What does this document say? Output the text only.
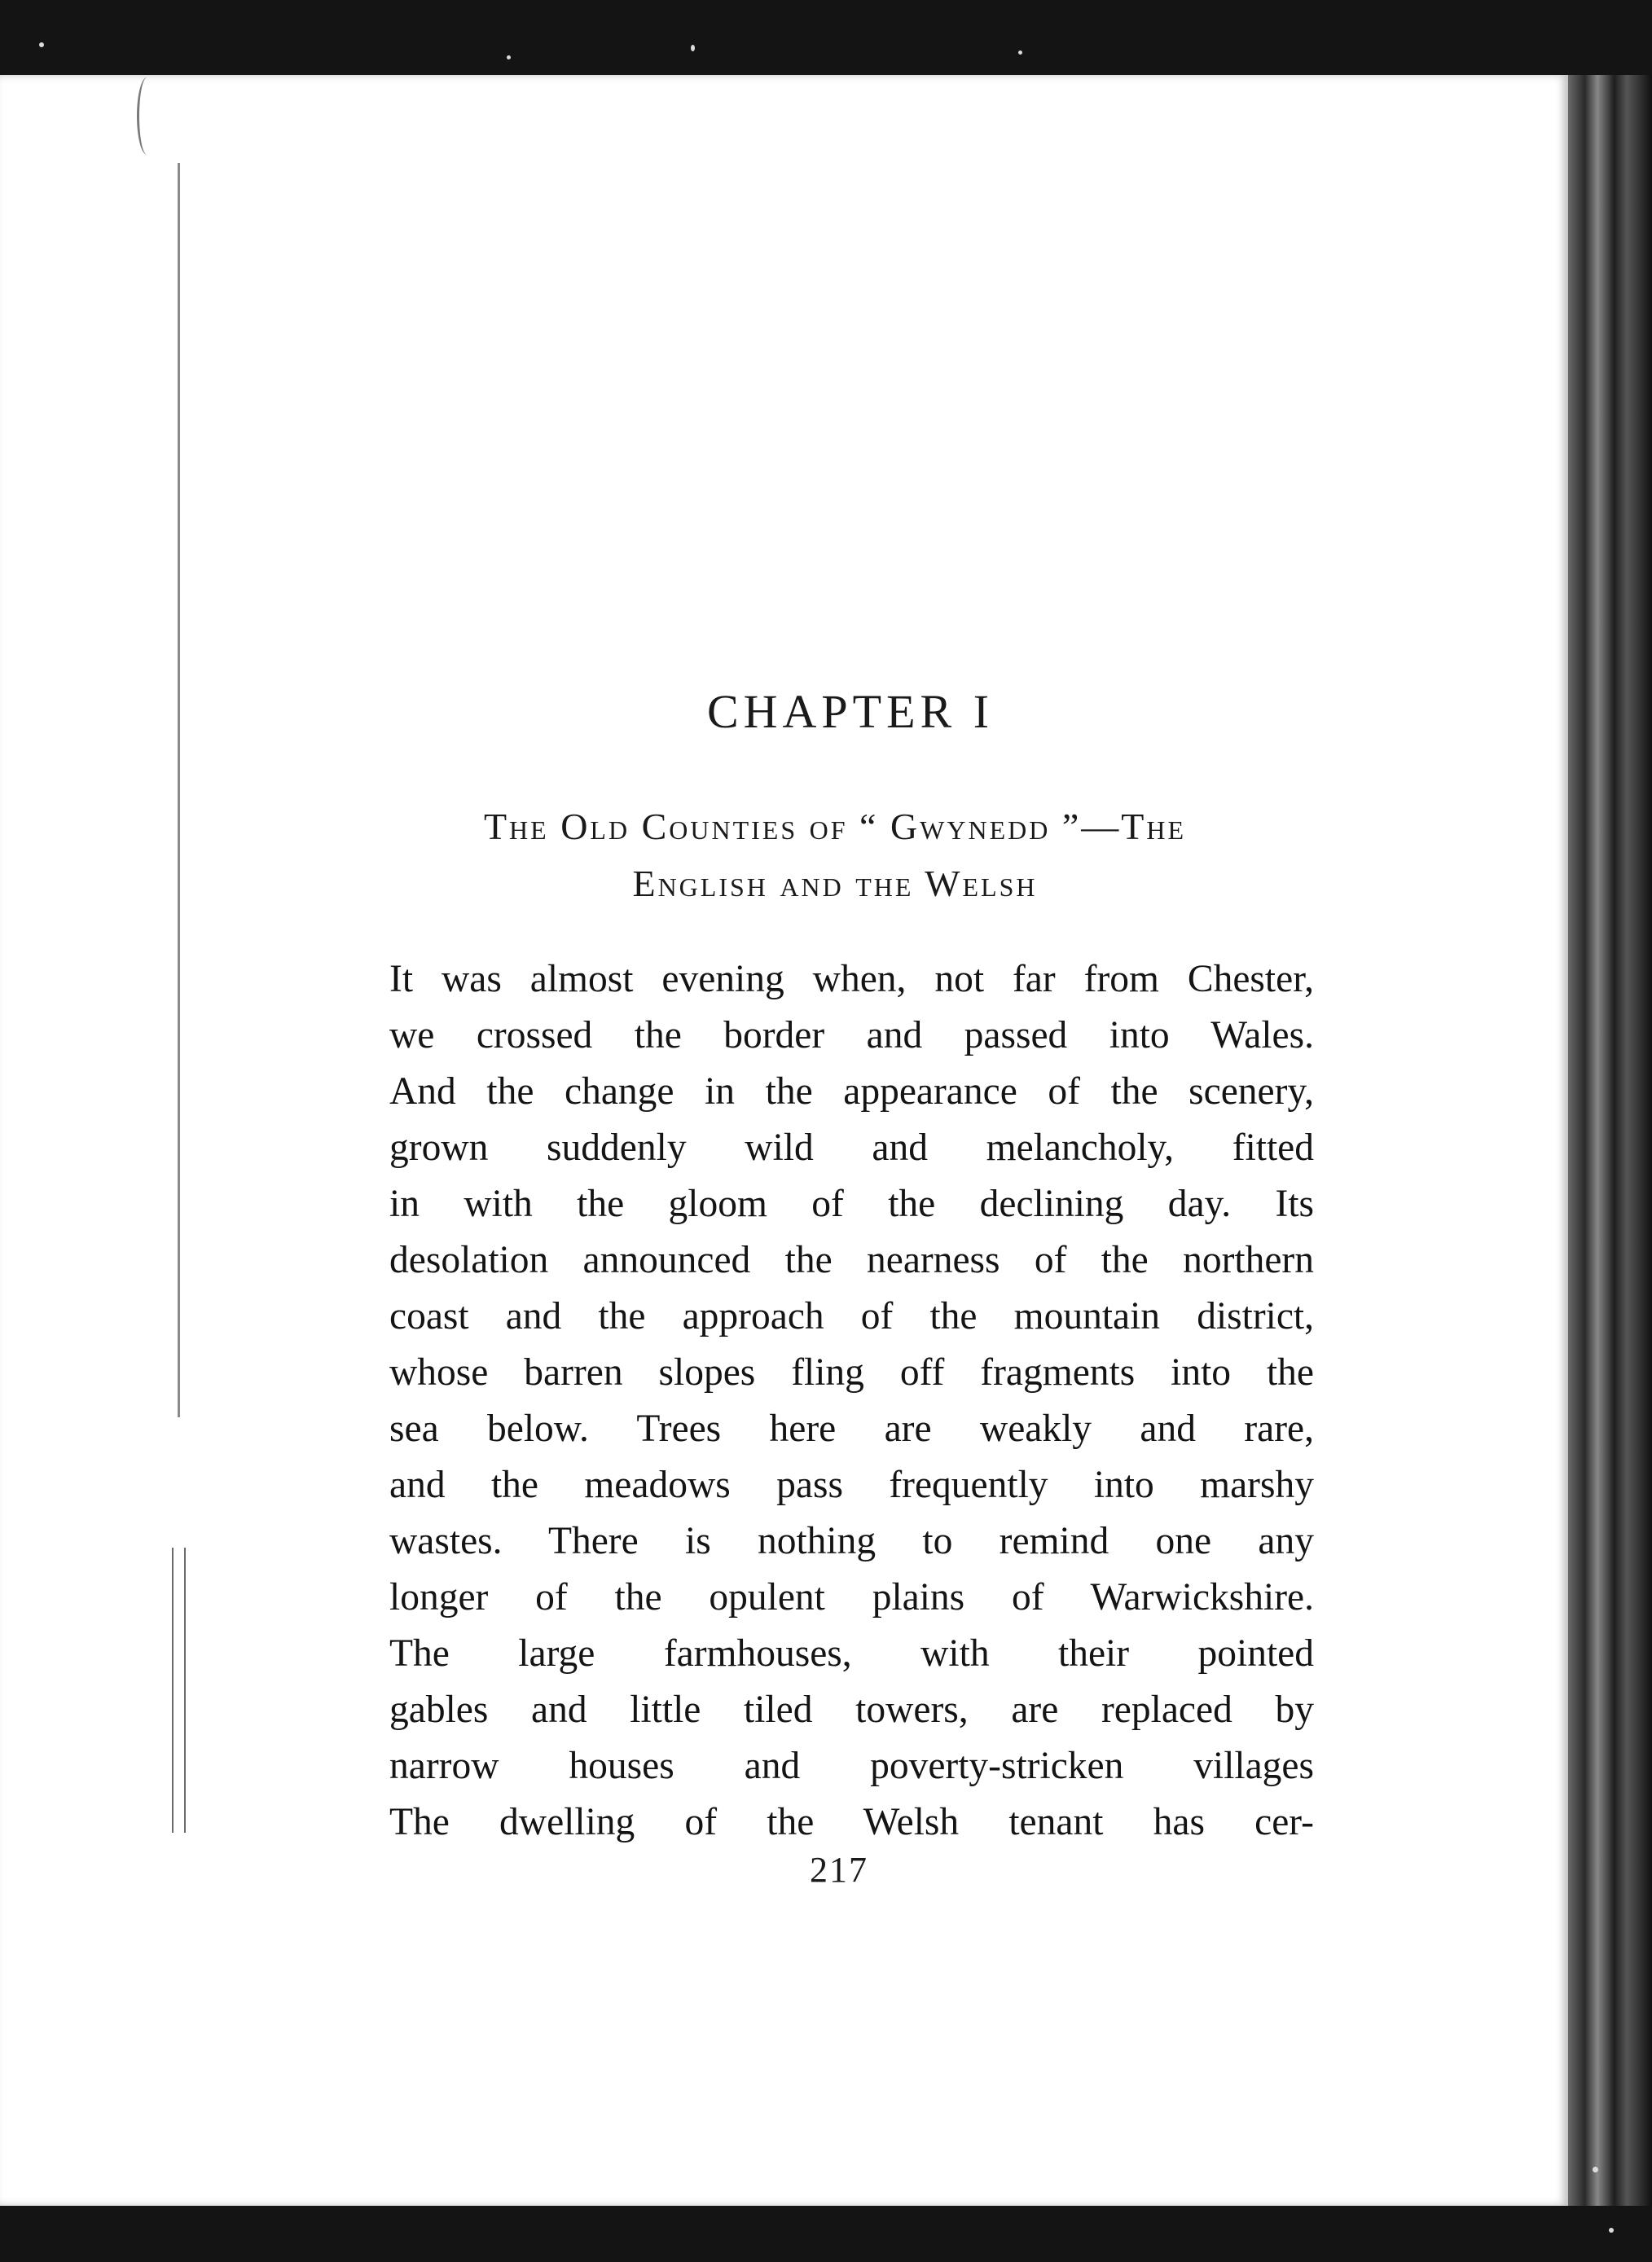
CHAPTER I

The Old Counties of “ Gwynedd ”—The

English and the Welsh

It was almost evening when, not far from Chester,
we crossed the border and passed into Wales.
And the change in the appearance of the scenery,
grown suddenly wild and melancholy, fitted
in with the gloom of the declining day. Its
desolation announced the nearness of the northern
coast and the approach of the mountain district,
whose barren slopes fling off fragments into the
sea below. Trees here are weakly and rare,
and the meadows pass frequently into marshy
wastes. There is nothing to remind one any
longer of the opulent plains of Warwickshire.
The large farmhouses, with their pointed
gables and little tiled towers, are replaced by
narrow houses and poverty-stricken villages
The dwelling of the Welsh tenant has cer-
217
